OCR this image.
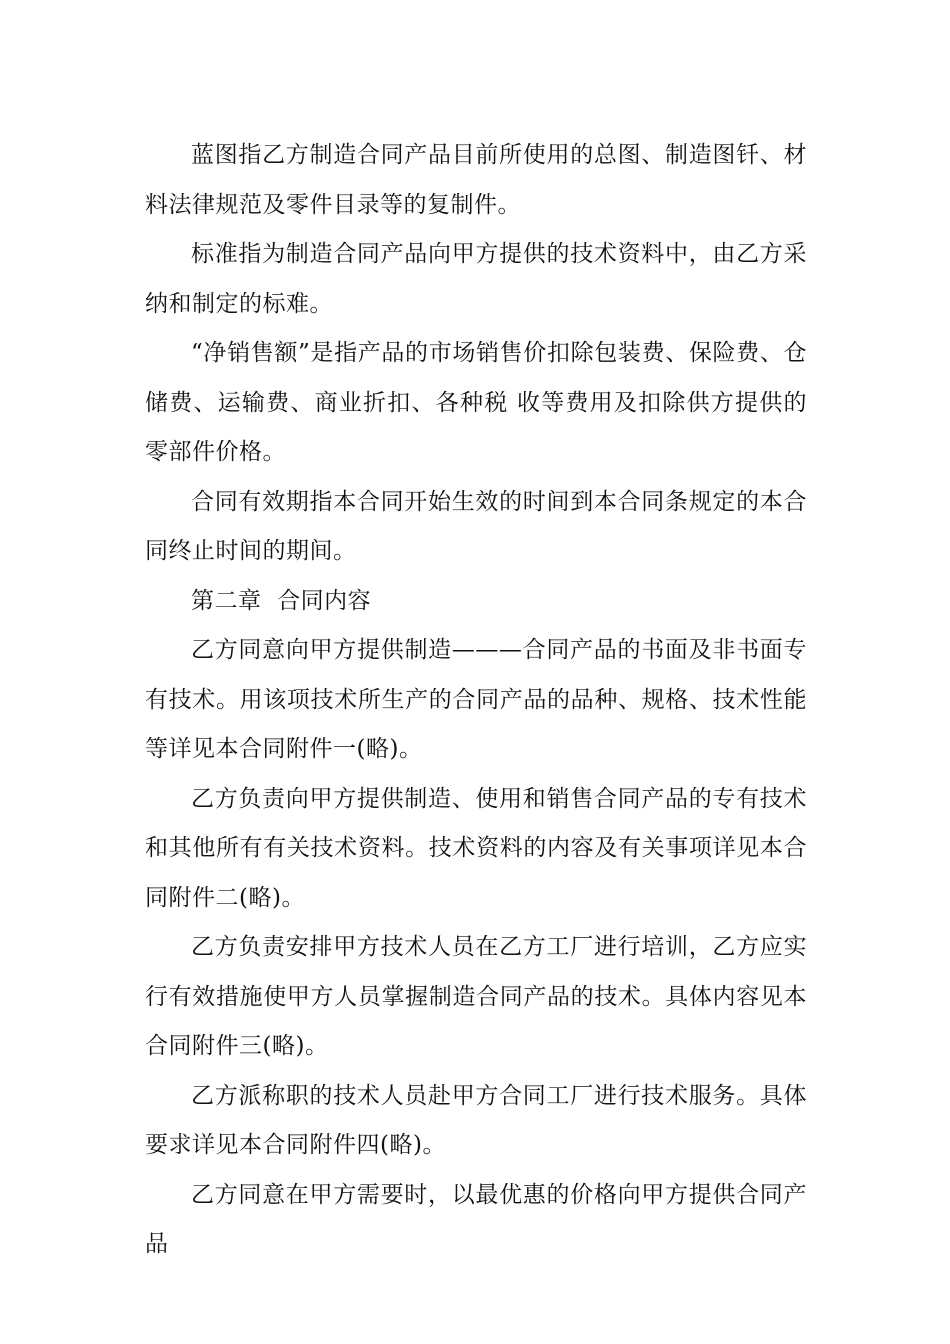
蓝图指乙方制造合同产品目前所使用的总图、制造图钎、材料法律规范及零件目录等的复制件。

标准指为制造合同产品向甲方提供的技术资料中，由乙方采纳和制定的标难。

“净销售额”是指产品的市场销售价扣除包装费、保险费、仓储费、运输费、商业折扣、各种税 收等费用及扣除供方提供的零部件价格。

合同有效期指本合同开始生效的时间到本合同条规定的本合同终止时间的期间。

第二章  合同内容

乙方同意向甲方提供制造———合同产品的书面及非书面专有技术。用该项技术所生产的合同产品的品种、规格、技术性能等详见本合同附件一(略)。

乙方负责向甲方提供制造、使用和销售合同产品的专有技术和其他所有有关技术资料。技术资料的内容及有关事项详见本合同附件二(略)。

乙方负责安排甲方技术人员在乙方工厂进行培训，乙方应实行有效措施使甲方人员掌握制造合同产品的技术。具体内容见本合同附件三(略)。

乙方派称职的技术人员赴甲方合同工厂进行技术服务。具体要求详见本合同附件四(略)。

乙方同意在甲方需要时，以最优惠的价格向甲方提供合同产品
